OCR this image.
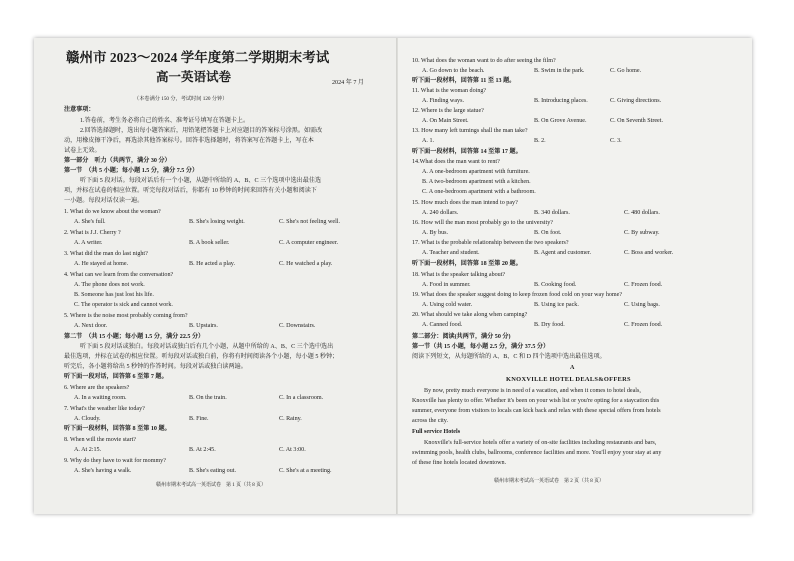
赣州市 2023～2024 学年度第二学期期末考试
高一英语试卷	2024 年 7 月
（本卷满分 150 分，考试时间 120 分钟）
注意事项：
1.答卷前，考生务必将自己的姓名、准考证号填写在答题卡上。
2.回答选择题时，选出每小题答案后，用铅笔把答题卡上对应题目的答案标号涂黑。如需改
动，用橡皮擦干净后，再选涂其他答案标号。回答非选择题时，将答案写在答题卡上，写在本
试卷上无效。
第一部分　听力（共两节，满分 30 分）
第一节　（共 5 小题；每小题 1.5 分，满分 7.5 分）
听下面 5 段对话。每段对话后有一个小题，从题中所给的 A、B、C 三个选项中选出最佳选
项，并标在试卷的相应位置。听完每段对话后，你都有 10 秒钟的时间来回答有关小题和阅读下
一小题。每段对话仅读一遍。
1. What do we know about the woman?
A. She's full.	B. She's losing weight.	C. She's not feeling well.
2. What is J.J. Cherry ?
A. A writer.	B. A book seller.	C. A computer engineer.
3. What did the man do last night?
A. He stayed at home.	B. He acted a play.	C. He watched a play.
4. What can we learn from the conversation?
A. The phone does not work.
B. Someone has just lost his life.
C. The operator is sick and cannot work.
5. Where is the noise most probably coming from?
A. Next door.	B. Upstairs.	C. Downstairs.
第二节　（共 15 小题；每小题 1.5 分，满分 22.5 分）
听下面 5 段对话或独白。每段对话或独白后有几个小题，从题中所给的 A、B、C 三个选中选出
最佳选项，并标在试卷的相应位置。听每段对话或独白前，你将有时间阅读各个小题，每小题 5 秒钟；
听完后，各小题将给出 5 秒钟的作答时间。每段对话或独白读两遍。
听下面一段对话，回答第 6 至第 7 题。
6. Where are the speakers?
A. In a waiting room.	B. On the train.	C. In a classroom.
7. What's the weather like today?
A. Cloudy.	B. Fine.	C. Rainy.
听下面一段材料，回答第 8 至第 10 题。
8. When will the movie start?
A. At 2:15.	B. At 2:45.	C. At 3:00.
9. Why do they have to wait for mommy?
A. She's having a walk.	B. She's eating out.	C. She's at a meeting.
赣州市期末考试高一英语试卷　第 1 页（共 8 页）
10. What does the woman want to do after seeing the film?
A. Go down to the beach.	B. Swim in the park.	C. Go home.
听下面一段材料，回答第 11 至 13 题。
11. What is the woman doing?
A. Finding ways.	B. Introducing places.	C. Giving directions.
12. Where is the large statue?
A. On Main Street.	B. On Grove Avenue.	C. On Seventh Street.
13. How many left turnings shall the man take?
A. 1.	B. 2.	C. 3.
听下面一段材料，回答第 14 至第 17 题。
14.What does the man want to rent?
A. A one-bedroom apartment with furniture.
B. A two-bedroom apartment with a kitchen.
C. A one-bedroom apartment with a bathroom.
15. How much does the man intend to pay?
A. 240 dollars.	B. 340 dollars.	C. 480 dollars.
16. How will the man most probably go to the university?
A. By bus.	B. On foot.	C. By subway.
17. What is the probable relationship between the two speakers?
A. Teacher and student.	B. Agent and customer.	C. Boss and worker.
听下面一段材料，回答第 18 至第 20 题。
18. What is the speaker talking about?
A. Food in summer.	B. Cooking food.	C. Frozen food.
19. What does the speaker suggest doing to keep frozen food cold on your way home?
A. Using cold water.	B. Using ice pack.	C. Using bags.
20. What should we take along when camping?
A. Canned food.	B. Dry food.	C. Frozen food.
第二部分：阅读(共两节，满分 50 分)
第一节（共 15 小题，每小题 2.5 分，满分 37.5 分）
阅读下列短文，从每题所给的 A、B、C 和 D 四个选项中选出最佳选项。
A
KNOXVILLE HOTEL DEALS&OFFERS
By now, pretty much everyone is in need of a vacation, and when it comes to hotel deals,
Knoxville has plenty to offer. Whether it's been on your wish list or you're opting for a staycation this
summer, everyone from visitors to locals can kick back and relax with these special offers from hotels
across the city.
Full service Hotels
Knoxville's full-service hotels offer a variety of on-site facilities including restaurants and bars,
swimming pools, health clubs, ballrooms, conference facilities and more. You'll enjoy your stay at any
of these fine hotels located downtown.
赣州市期末考试高一英语试卷　第 2 页（共 8 页）
